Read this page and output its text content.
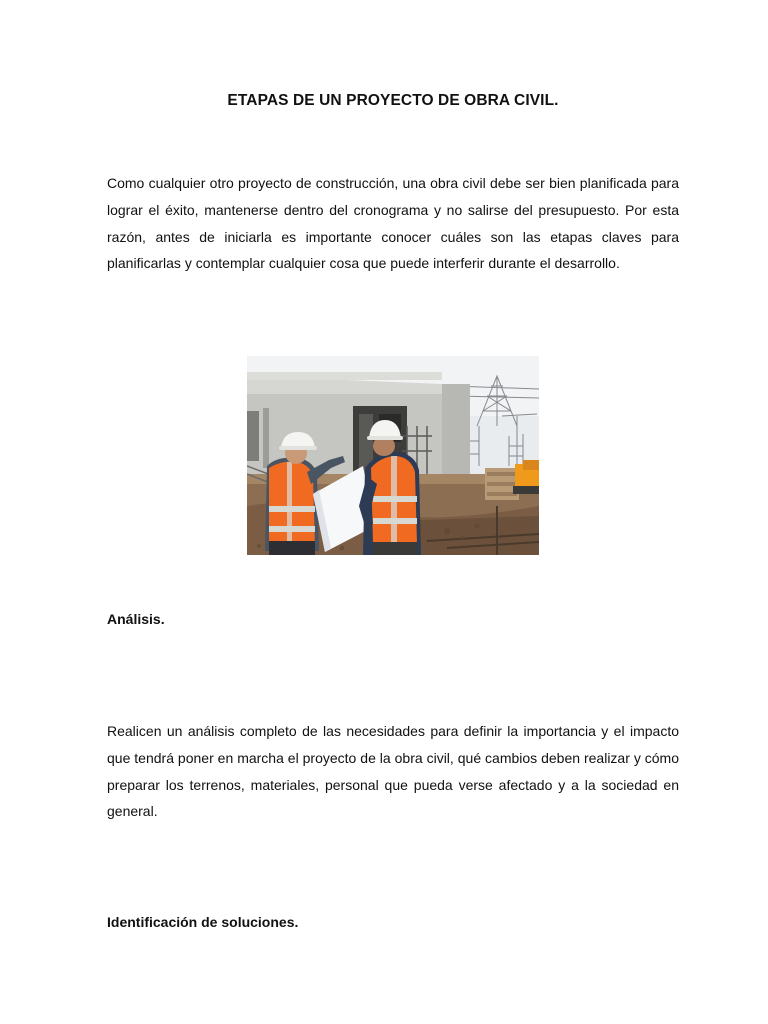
ETAPAS DE UN PROYECTO DE OBRA CIVIL.
Como cualquier otro proyecto de construcción, una obra civil debe ser bien planificada para lograr el éxito, mantenerse dentro del cronograma y no salirse del presupuesto. Por esta razón, antes de iniciarla es importante conocer cuáles son las etapas claves para planificarlas y contemplar cualquier cosa que puede interferir durante el desarrollo.
Análisis.
Realicen un análisis completo de las necesidades para definir la importancia y el impacto que tendrá poner en marcha el proyecto de la obra civil, qué cambios deben realizar y cómo preparar los terrenos, materiales, personal que pueda verse afectado y a la sociedad en general.
Identificación de soluciones.
